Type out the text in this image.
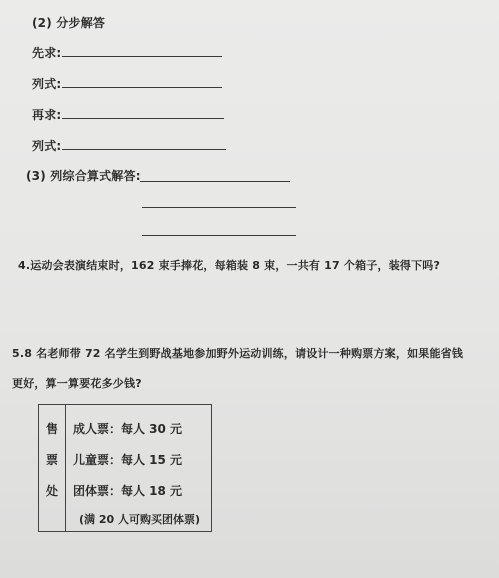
(2) 分步解答
先求:
列式:
再求:
列式:
(3) 列综合算式解答:
4.运动会表演结束时，162 束手捧花，每箱装 8 束，一共有 17 个箱子，装得下吗?
5.8 名老师带 72 名学生到野战基地参加野外运动训练，请设计一种购票方案，如果能省钱
更好，算一算要花多少钱?
售
票
处
成人票：每人 30 元
儿童票：每人 15 元
团体票：每人 18 元
(满 20 人可购买团体票)
